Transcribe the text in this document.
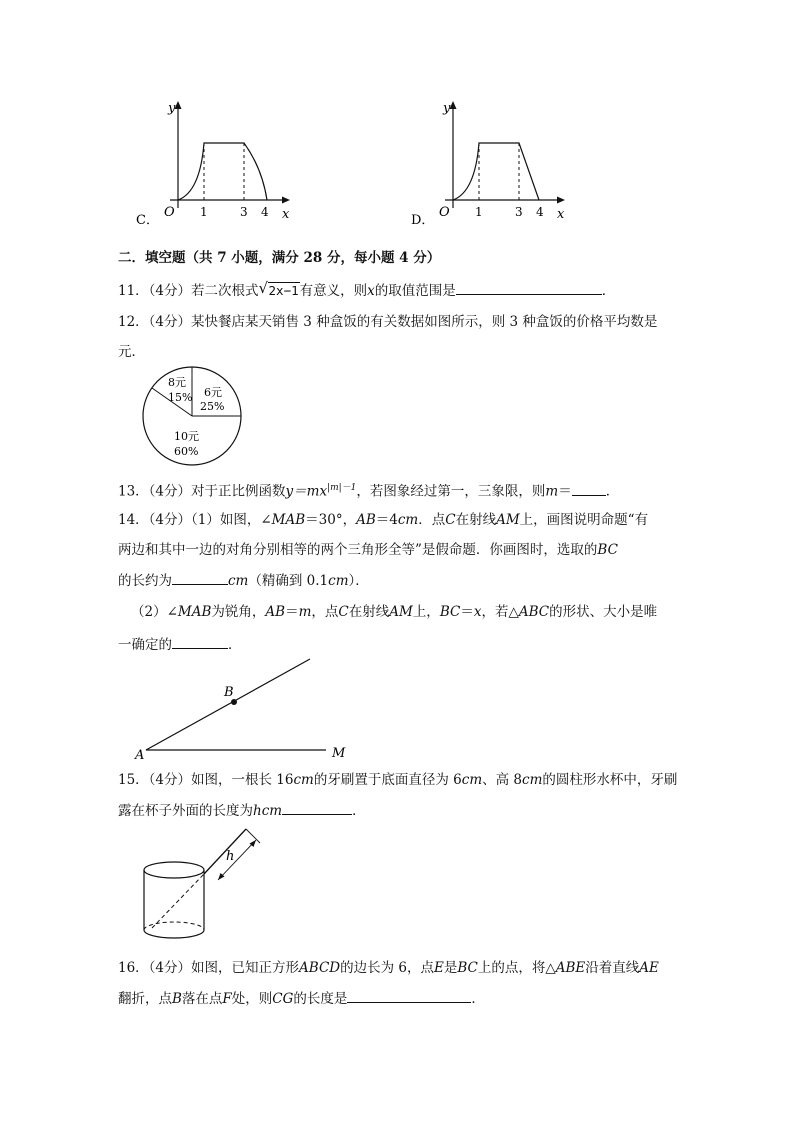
y
O 1	3 4 x
C．
y
O 1	3 4 x
D．
二．填空题（共 7 小题，满分 28 分，每小题 4 分）
11．（4分）若二次根式 √ 2x−1有意义，则x的取值范围是	．
12．（4分）某快餐店某天销售 3 种盒饭的有关数据如图所示，则 3 种盒饭的价格平均数是
元．
8元
15% 6元
25%
10元
60%
13．（4分）对于正比例函数$y=mx^{|m|-1}$，若图象经过第一，三象限，则m＝	．
14．（4分）（1）如图，∠MAB＝30°，AB＝4cm．点C在射线AM上，画图说明命题“有
两边和其中一边的对角分别相等的两个三角形全等”是假命题．你画图时，选取的BC
的长约为	cm（精确到 0.1cm）．
（2）∠MAB为锐角，AB＝m，点C在射线AM上，BC＝x，若△ABC的形状、大小是唯
一确定的	．
A
B
M
15．（4分）如图，一根长 16cm的牙刷置于底面直径为 6cm、高 8cm的圆柱形水杯中，牙刷
露在杯子外面的长度为hcm	．
h
16．（4分）如图，已知正方形ABCD的边长为 6，点E是BC上的点，将△ABE沿着直线AE
翻折，点B落在点F处，则CG的长度是	．
